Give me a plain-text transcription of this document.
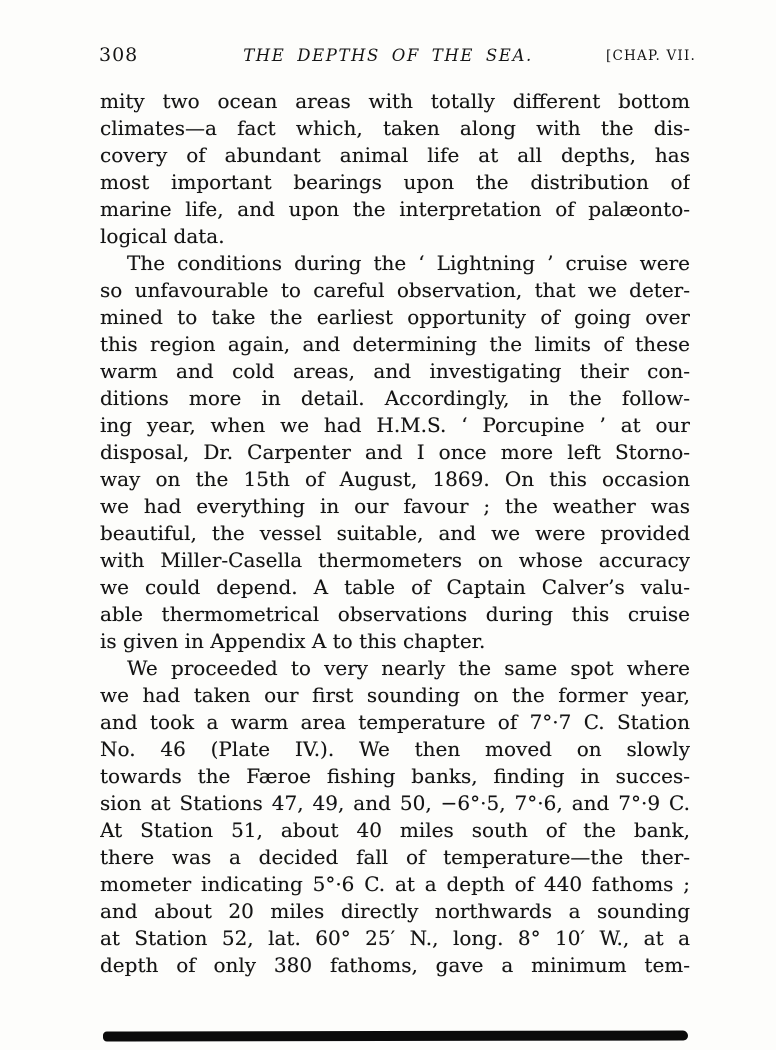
308	THE DEPTHS OF THE SEA.	[CHAP. VII.
mity two ocean areas with totally different bottom
climates—a fact which, taken along with the dis-
covery of abundant animal life at all depths, has
most important bearings upon the distribution of
marine life, and upon the interpretation of palæonto-
logical data.
The conditions during the ‘ Lightning ’ cruise were
so unfavourable to careful observation, that we deter-
mined to take the earliest opportunity of going over
this region again, and determining the limits of these
warm and cold areas, and investigating their con-
ditions more in detail. Accordingly, in the follow-
ing year, when we had H.M.S. ‘ Porcupine ’ at our
disposal, Dr. Carpenter and I once more left Storno-
way on the 15th of August, 1869. On this occasion
we had everything in our favour ; the weather was
beautiful, the vessel suitable, and we were provided
with Miller-Casella thermometers on whose accuracy
we could depend. A table of Captain Calver’s valu-
able thermometrical observations during this cruise
is given in Appendix A to this chapter.
We proceeded to very nearly the same spot where
we had taken our first sounding on the former year,
and took a warm area temperature of 7°·7 C. Station
No. 46 (Plate IV.). We then moved on slowly
towards the Færoe fishing banks, finding in succes-
sion at Stations 47, 49, and 50, −6°·5, 7°·6, and 7°·9 C.
At Station 51, about 40 miles south of the bank,
there was a decided fall of temperature—the ther-
mometer indicating 5°·6 C. at a depth of 440 fathoms ;
and about 20 miles directly northwards a sounding
at Station 52, lat. 60° 25′ N., long. 8° 10′ W., at a
depth of only 380 fathoms, gave a minimum tem-
